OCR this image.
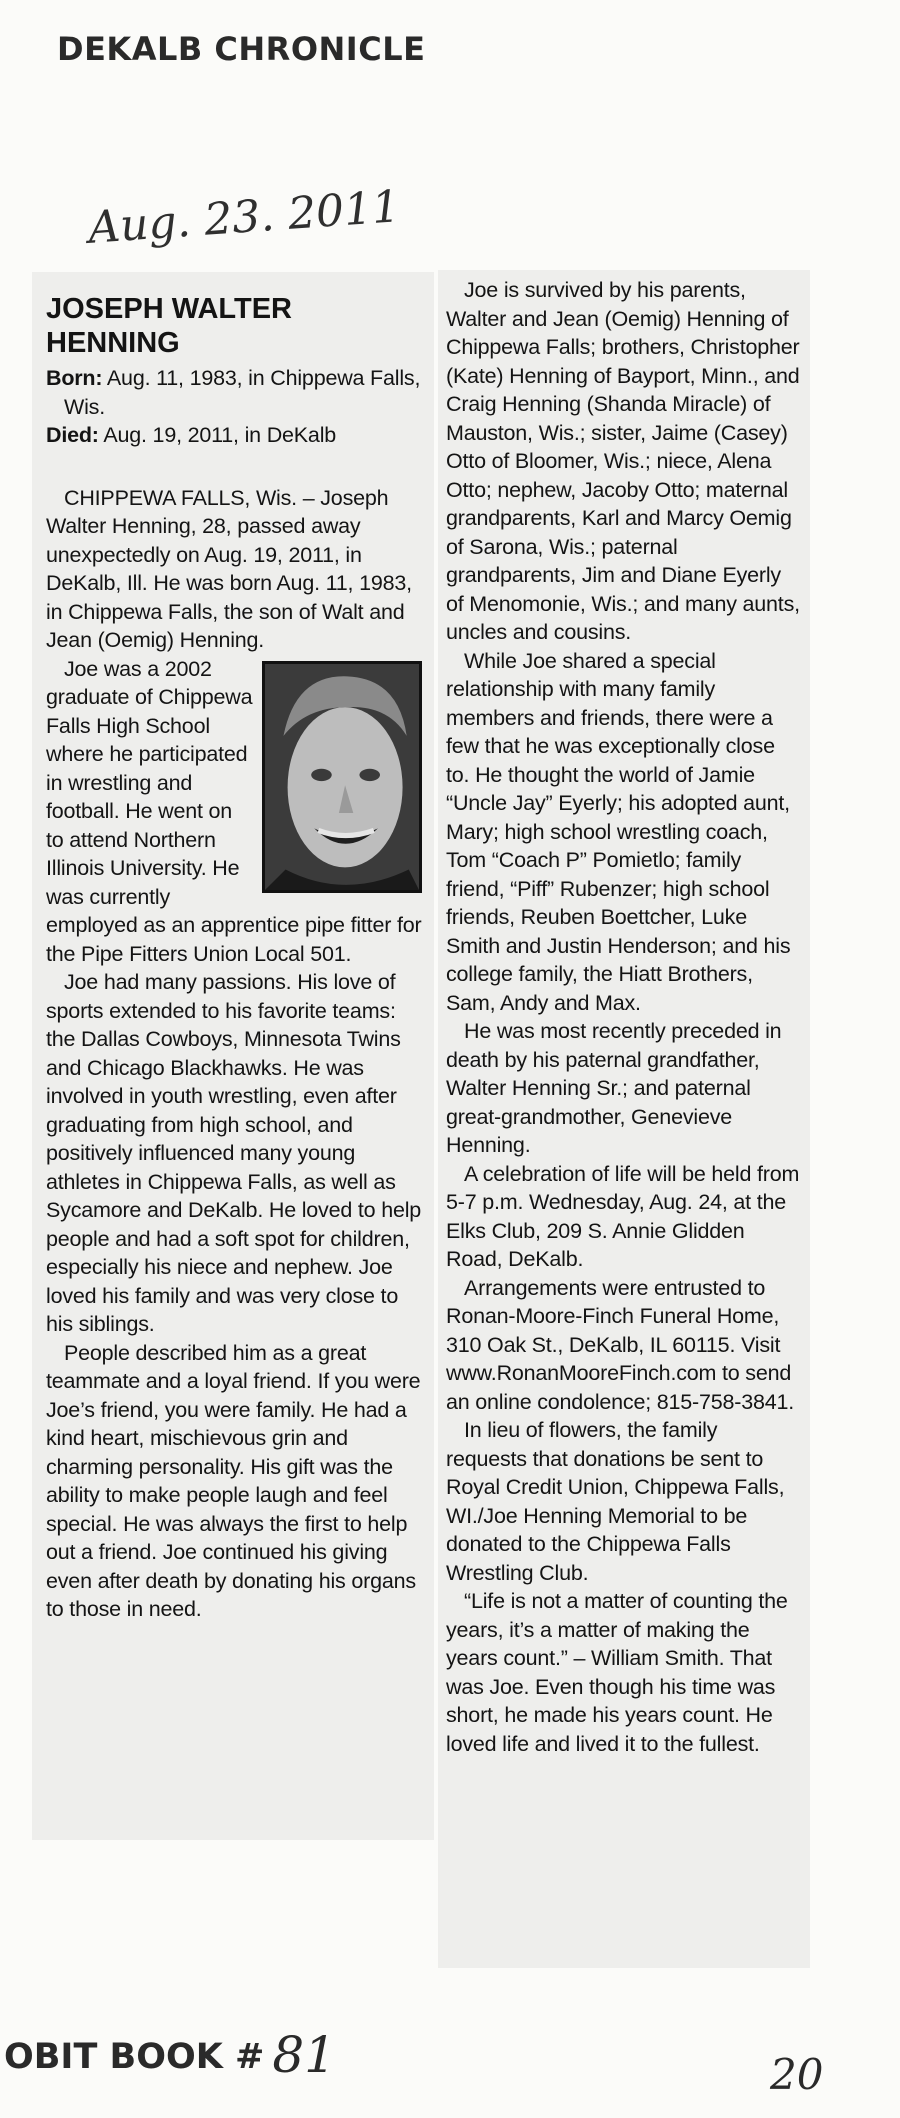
DEKALB CHRONICLE
Aug. 23. 2011
JOSEPH WALTER HENNING
Born: Aug. 11, 1983, in Chippewa Falls, Wis.
Died: Aug. 19, 2011, in DeKalb

CHIPPEWA FALLS, Wis. – Joseph Walter Henning, 28, passed away unexpectedly on Aug. 19, 2011, in DeKalb, Ill. He was born Aug. 11, 1983, in Chippewa Falls, the son of Walt and Jean (Oemig) Henning.

Joe was a 2002 graduate of Chippewa Falls High School where he participated in wrestling and football. He went on to attend Northern Illinois University. He was currently employed as an apprentice pipe fitter for the Pipe Fitters Union Local 501.

Joe had many passions. His love of sports extended to his favorite teams: the Dallas Cowboys, Minnesota Twins and Chicago Blackhawks. He was involved in youth wrestling, even after graduating from high school, and positively influenced many young athletes in Chippewa Falls, as well as Sycamore and DeKalb. He loved to help people and had a soft spot for children, especially his niece and nephew. Joe loved his family and was very close to his siblings.

People described him as a great teammate and a loyal friend. If you were Joe’s friend, you were family. He had a kind heart, mischievous grin and charming personality. His gift was the ability to make people laugh and feel special. He was always the first to help out a friend. Joe continued his giving even after death by donating his organs to those in need.

Joe is survived by his parents, Walter and Jean (Oemig) Henning of Chippewa Falls; brothers, Christopher (Kate) Henning of Bayport, Minn., and Craig Henning (Shanda Miracle) of Mauston, Wis.; sister, Jaime (Casey) Otto of Bloomer, Wis.; niece, Alena Otto; nephew, Jacoby Otto; maternal grandparents, Karl and Marcy Oemig of Sarona, Wis.; paternal grandparents, Jim and Diane Eyerly of Menomonie, Wis.; and many aunts, uncles and cousins.

While Joe shared a special relationship with many family members and friends, there were a few that he was exceptionally close to. He thought the world of Jamie “Uncle Jay” Eyerly; his adopted aunt, Mary; high school wrestling coach, Tom “Coach P” Pomietlo; family friend, “Piff” Rubenzer; high school friends, Reuben Boettcher, Luke Smith and Justin Henderson; and his college family, the Hiatt Brothers, Sam, Andy and Max.

He was most recently preceded in death by his paternal grandfather, Walter Henning Sr.; and paternal great-grandmother, Genevieve Henning.

A celebration of life will be held from 5-7 p.m. Wednesday, Aug. 24, at the Elks Club, 209 S. Annie Glidden Road, DeKalb.

Arrangements were entrusted to Ronan-Moore-Finch Funeral Home, 310 Oak St., DeKalb, IL 60115. Visit www.RonanMooreFinch.com to send an online condolence; 815-758-3841.

In lieu of flowers, the family requests that donations be sent to Royal Credit Union, Chippewa Falls, WI./Joe Henning Memorial to be donated to the Chippewa Falls Wrestling Club.

“Life is not a matter of counting the years, it’s a matter of making the years count.” – William Smith. That was Joe. Even though his time was short, he made his years count. He loved life and lived it to the fullest.

OBIT BOOK # 81	20
